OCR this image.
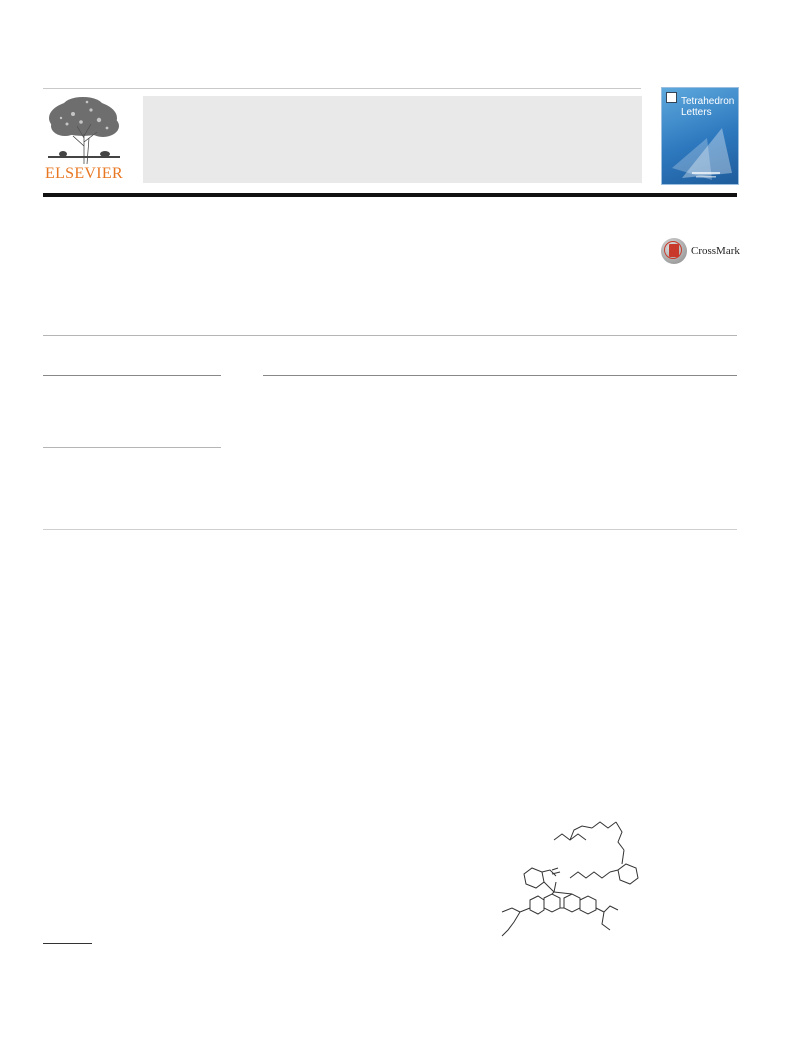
ELSEVIER
Tetrahedron
Letters
CrossMark
